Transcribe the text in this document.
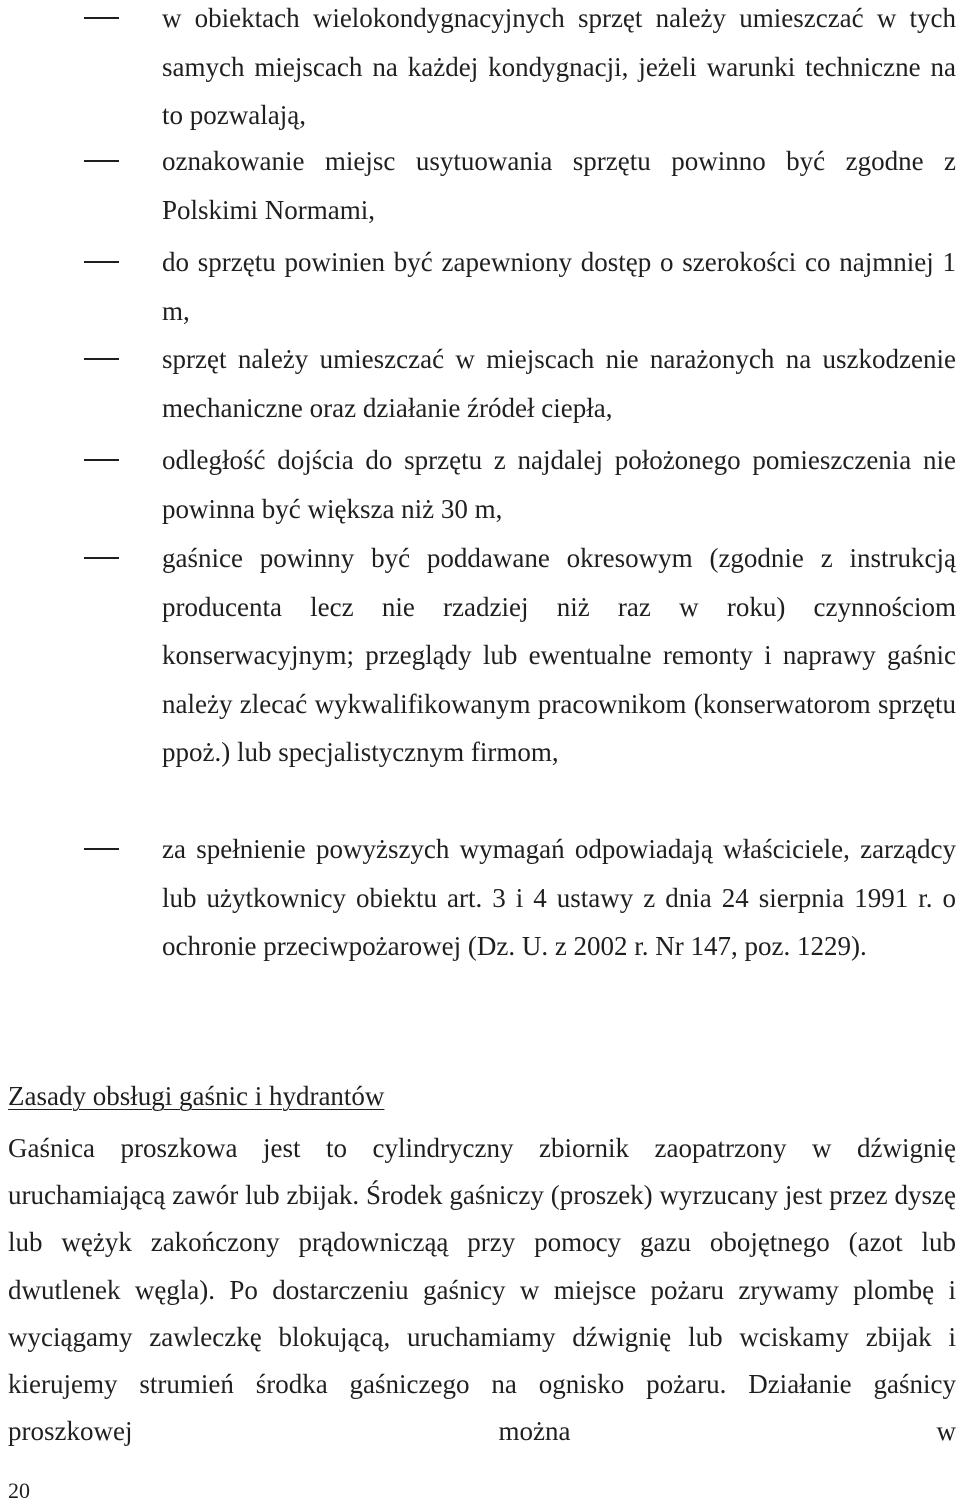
w obiektach wielokondygnacyjnych sprzęt należy umieszczać w tych samych miejscach na każdej kondygnacji, jeżeli warunki techniczne na to pozwalają,

oznakowanie miejsc usytuowania sprzętu powinno być zgodne z Polskimi Normami,

do sprzętu powinien być zapewniony dostęp o szerokości co najmniej 1 m,

sprzęt należy umieszczać w miejscach nie narażonych na uszkodzenie mechaniczne oraz działanie źródeł ciepła,

odległość dojścia do sprzętu z najdalej położonego pomieszczenia nie powinna być większa niż 30 m,

gaśnice powinny być poddawane okresowym (zgodnie z instrukcją producenta lecz nie rzadziej niż raz w roku) czynnościom konserwacyjnym; przeglądy lub ewentualne remonty i naprawy gaśnic należy zlecać wykwalifikowanym pracownikom (konserwatorom sprzętu ppoż.) lub specjalistycznym firmom,

za spełnienie powyższych wymagań odpowiadają właściciele, zarządcy lub użytkownicy obiektu art. 3 i 4 ustawy z dnia 24 sierpnia 1991 r. o ochronie przeciwpożarowej (Dz. U. z 2002 r. Nr 147, poz. 1229).

Zasady obsługi gaśnic i hydrantów

Gaśnica proszkowa jest to cylindryczny zbiornik zaopatrzony w dźwignię uruchamiającą zawór lub zbijak. Środek gaśniczy (proszek) wyrzucany jest przez dyszę lub wężyk zakończony prądownicząą przy pomocy gazu obojętnego (azot lub dwutlenek węgla). Po dostarczeniu gaśnicy w miejsce pożaru zrywamy plombę i wyciągamy zawleczkę blokującą, uruchamiamy dźwignię lub wciskamy zbijak i kierujemy strumień środka gaśniczego na ognisko pożaru. Działanie gaśnicy proszkowej można w

20
